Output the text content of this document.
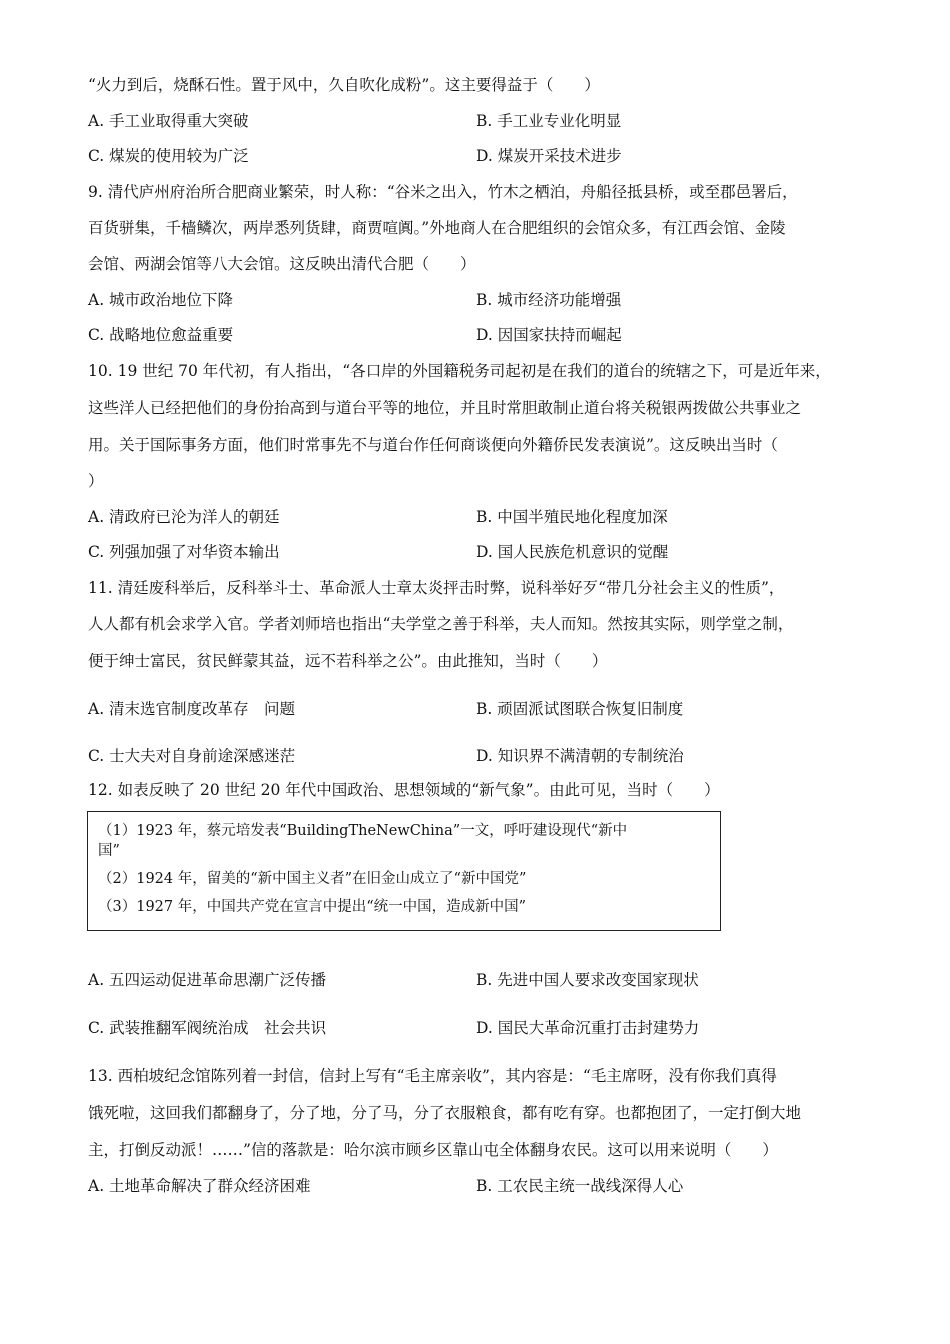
“火力到后，烧酥石性。置于风中，久自吹化成粉”。这主要得益于（　　）
A. 手工业取得重大突破	B. 手工业专业化明显
C. 煤炭的使用较为广泛	D. 煤炭开采技术进步
9. 清代庐州府治所合肥商业繁荣，时人称：“谷米之出入，竹木之栖泊，舟船径抵县桥，或至郡邑署后，
百货骈集，千樯鳞次，两岸悉列货肆，商贾喧阗。”外地商人在合肥组织的会馆众多，有江西会馆、金陵
会馆、两湖会馆等八大会馆。这反映出清代合肥（　　）
A. 城市政治地位下降	B. 城市经济功能增强
C. 战略地位愈益重要	D. 因国家扶持而崛起
10. 19 世纪 70 年代初，有人指出，“各口岸的外国籍税务司起初是在我们的道台的统辖之下，可是近年来，
这些洋人已经把他们的身份抬高到与道台平等的地位，并且时常胆敢制止道台将关税银两拨做公共事业之
用。关于国际事务方面，他们时常事先不与道台作任何商谈便向外籍侨民发表演说”。这反映出当时（
）
A. 清政府已沦为洋人的朝廷	B. 中国半殖民地化程度加深
C. 列强加强了对华资本输出	D. 国人民族危机意识的觉醒
11. 清廷废科举后，反科举斗士、革命派人士章太炎抨击时弊，说科举好歹“带几分社会主义的性质”，
人人都有机会求学入官。学者刘师培也指出“夫学堂之善于科举，夫人而知。然按其实际，则学堂之制，
便于绅士富民，贫民鲜蒙其益，远不若科举之公”。由此推知，当时（　　）
A. 清末选官制度改革存　问题	B. 顽固派试图联合恢复旧制度
C. 士大夫对自身前途深感迷茫	D. 知识界不满清朝的专制统治
12. 如表反映了 20 世纪 20 年代中国政治、思想领域的“新气象”。由此可见，当时（　　）
（1）1923 年，蔡元培发表“BuildingTheNewChina”一文，呼吁建设现代“新中
国”
（2）1924 年，留美的“新中国主义者”在旧金山成立了“新中国党”
（3）1927 年，中国共产党在宣言中提出“统一中国，造成新中国”
A. 五四运动促进革命思潮广泛传播	B. 先进中国人要求改变国家现状
C. 武装推翻军阀统治成　社会共识	D. 国民大革命沉重打击封建势力
13. 西柏坡纪念馆陈列着一封信，信封上写有“毛主席亲收”，其内容是：“毛主席呀，没有你我们真得
饿死啦，这回我们都翻身了，分了地，分了马，分了衣服粮食，都有吃有穿。也都抱团了，一定打倒大地
主，打倒反动派！……”信的落款是：哈尔滨市顾乡区靠山屯全体翻身农民。这可以用来说明（　　）
A. 土地革命解决了群众经济困难	B. 工农民主统一战线深得人心
